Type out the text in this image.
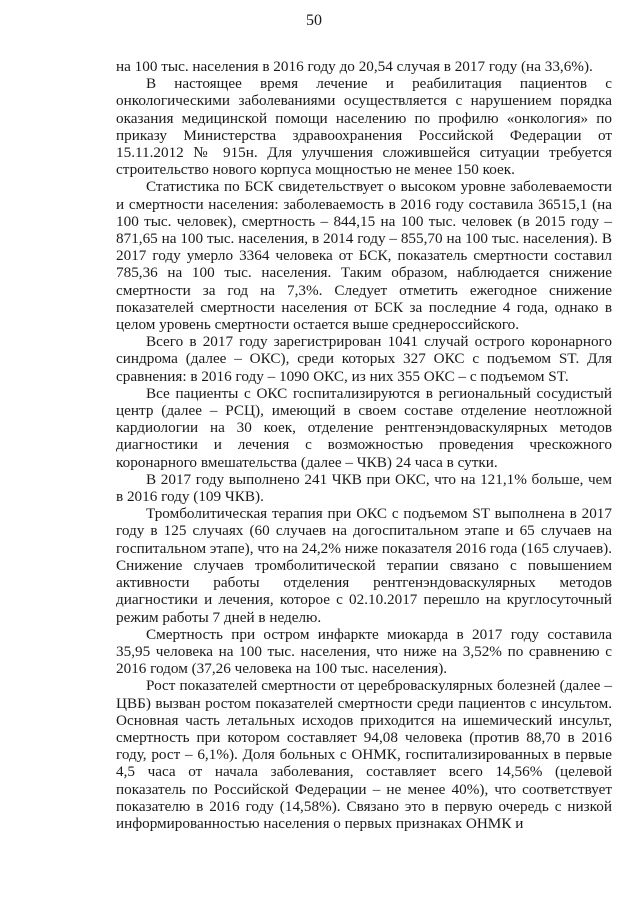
50

на 100 тыс. населения в 2016 году до 20,54 случая в 2017 году (на 33,6%).

В настоящее время лечение и реабилитация пациентов с онкологическими заболеваниями осуществляется с нарушением порядка оказания медицинской помощи населению по профилю «онкология» по приказу Министерства здравоохранения Российской Федерации от 15.11.2012 № 915н. Для улучшения сложившейся ситуации требуется строительство нового корпуса мощностью не менее 150 коек.

Статистика по БСК свидетельствует о высоком уровне заболеваемости и смертности населения: заболеваемость в 2016 году составила 36515,1 (на 100 тыс. человек), смертность – 844,15 на 100 тыс. человек (в 2015 году – 871,65 на 100 тыс. населения, в 2014 году – 855,70 на 100 тыс. населения). В 2017 году умерло 3364 человека от БСК, показатель смертности составил 785,36 на 100 тыс. населения. Таким образом, наблюдается снижение смертности за год на 7,3%. Следует отметить ежегодное снижение показателей смертности населения от БСК за последние 4 года, однако в целом уровень смертности остается выше среднероссийского.

Всего в 2017 году зарегистрирован 1041 случай острого коронарного синдрома (далее – ОКС), среди которых 327 ОКС с подъемом ST. Для сравнения: в 2016 году – 1090 ОКС, из них 355 ОКС – с подъемом ST.

Все пациенты с ОКС госпитализируются в региональный сосудистый центр (далее – РСЦ), имеющий в своем составе отделение неотложной кардиологии на 30 коек, отделение рентгенэндоваскулярных методов диагностики и лечения с возможностью проведения чрескожного коронарного вмешательства (далее – ЧКВ) 24 часа в сутки.

В 2017 году выполнено 241 ЧКВ при ОКС, что на 121,1% больше, чем в 2016 году (109 ЧКВ).

Тромболитическая терапия при ОКС с подъемом ST выполнена в 2017 году в 125 случаях (60 случаев на догоспитальном этапе и 65 случаев на госпитальном этапе), что на 24,2% ниже показателя 2016 года (165 случаев). Снижение случаев тромболитической терапии связано с повышением активности работы отделения рентгенэндоваскулярных методов диагностики и лечения, которое с 02.10.2017 перешло на круглосуточный режим работы 7 дней в неделю.

Смертность при остром инфаркте миокарда в 2017 году составила 35,95 человека на 100 тыс. населения, что ниже на 3,52% по сравнению с 2016 годом (37,26 человека на 100 тыс. населения).

Рост показателей смертности от цереброваскулярных болезней (далее – ЦВБ) вызван ростом показателей смертности среди пациентов с инсультом. Основная часть летальных исходов приходится на ишемический инсульт, смертность при котором составляет 94,08 человека (против 88,70 в 2016 году, рост – 6,1%). Доля больных с ОНМК, госпитализированных в первые 4,5 часа от начала заболевания, составляет всего 14,56% (целевой показатель по Российской Федерации – не менее 40%), что соответствует показателю в 2016 году (14,58%). Связано это в первую очередь с низкой информированностью населения о первых признаках ОНМК и
